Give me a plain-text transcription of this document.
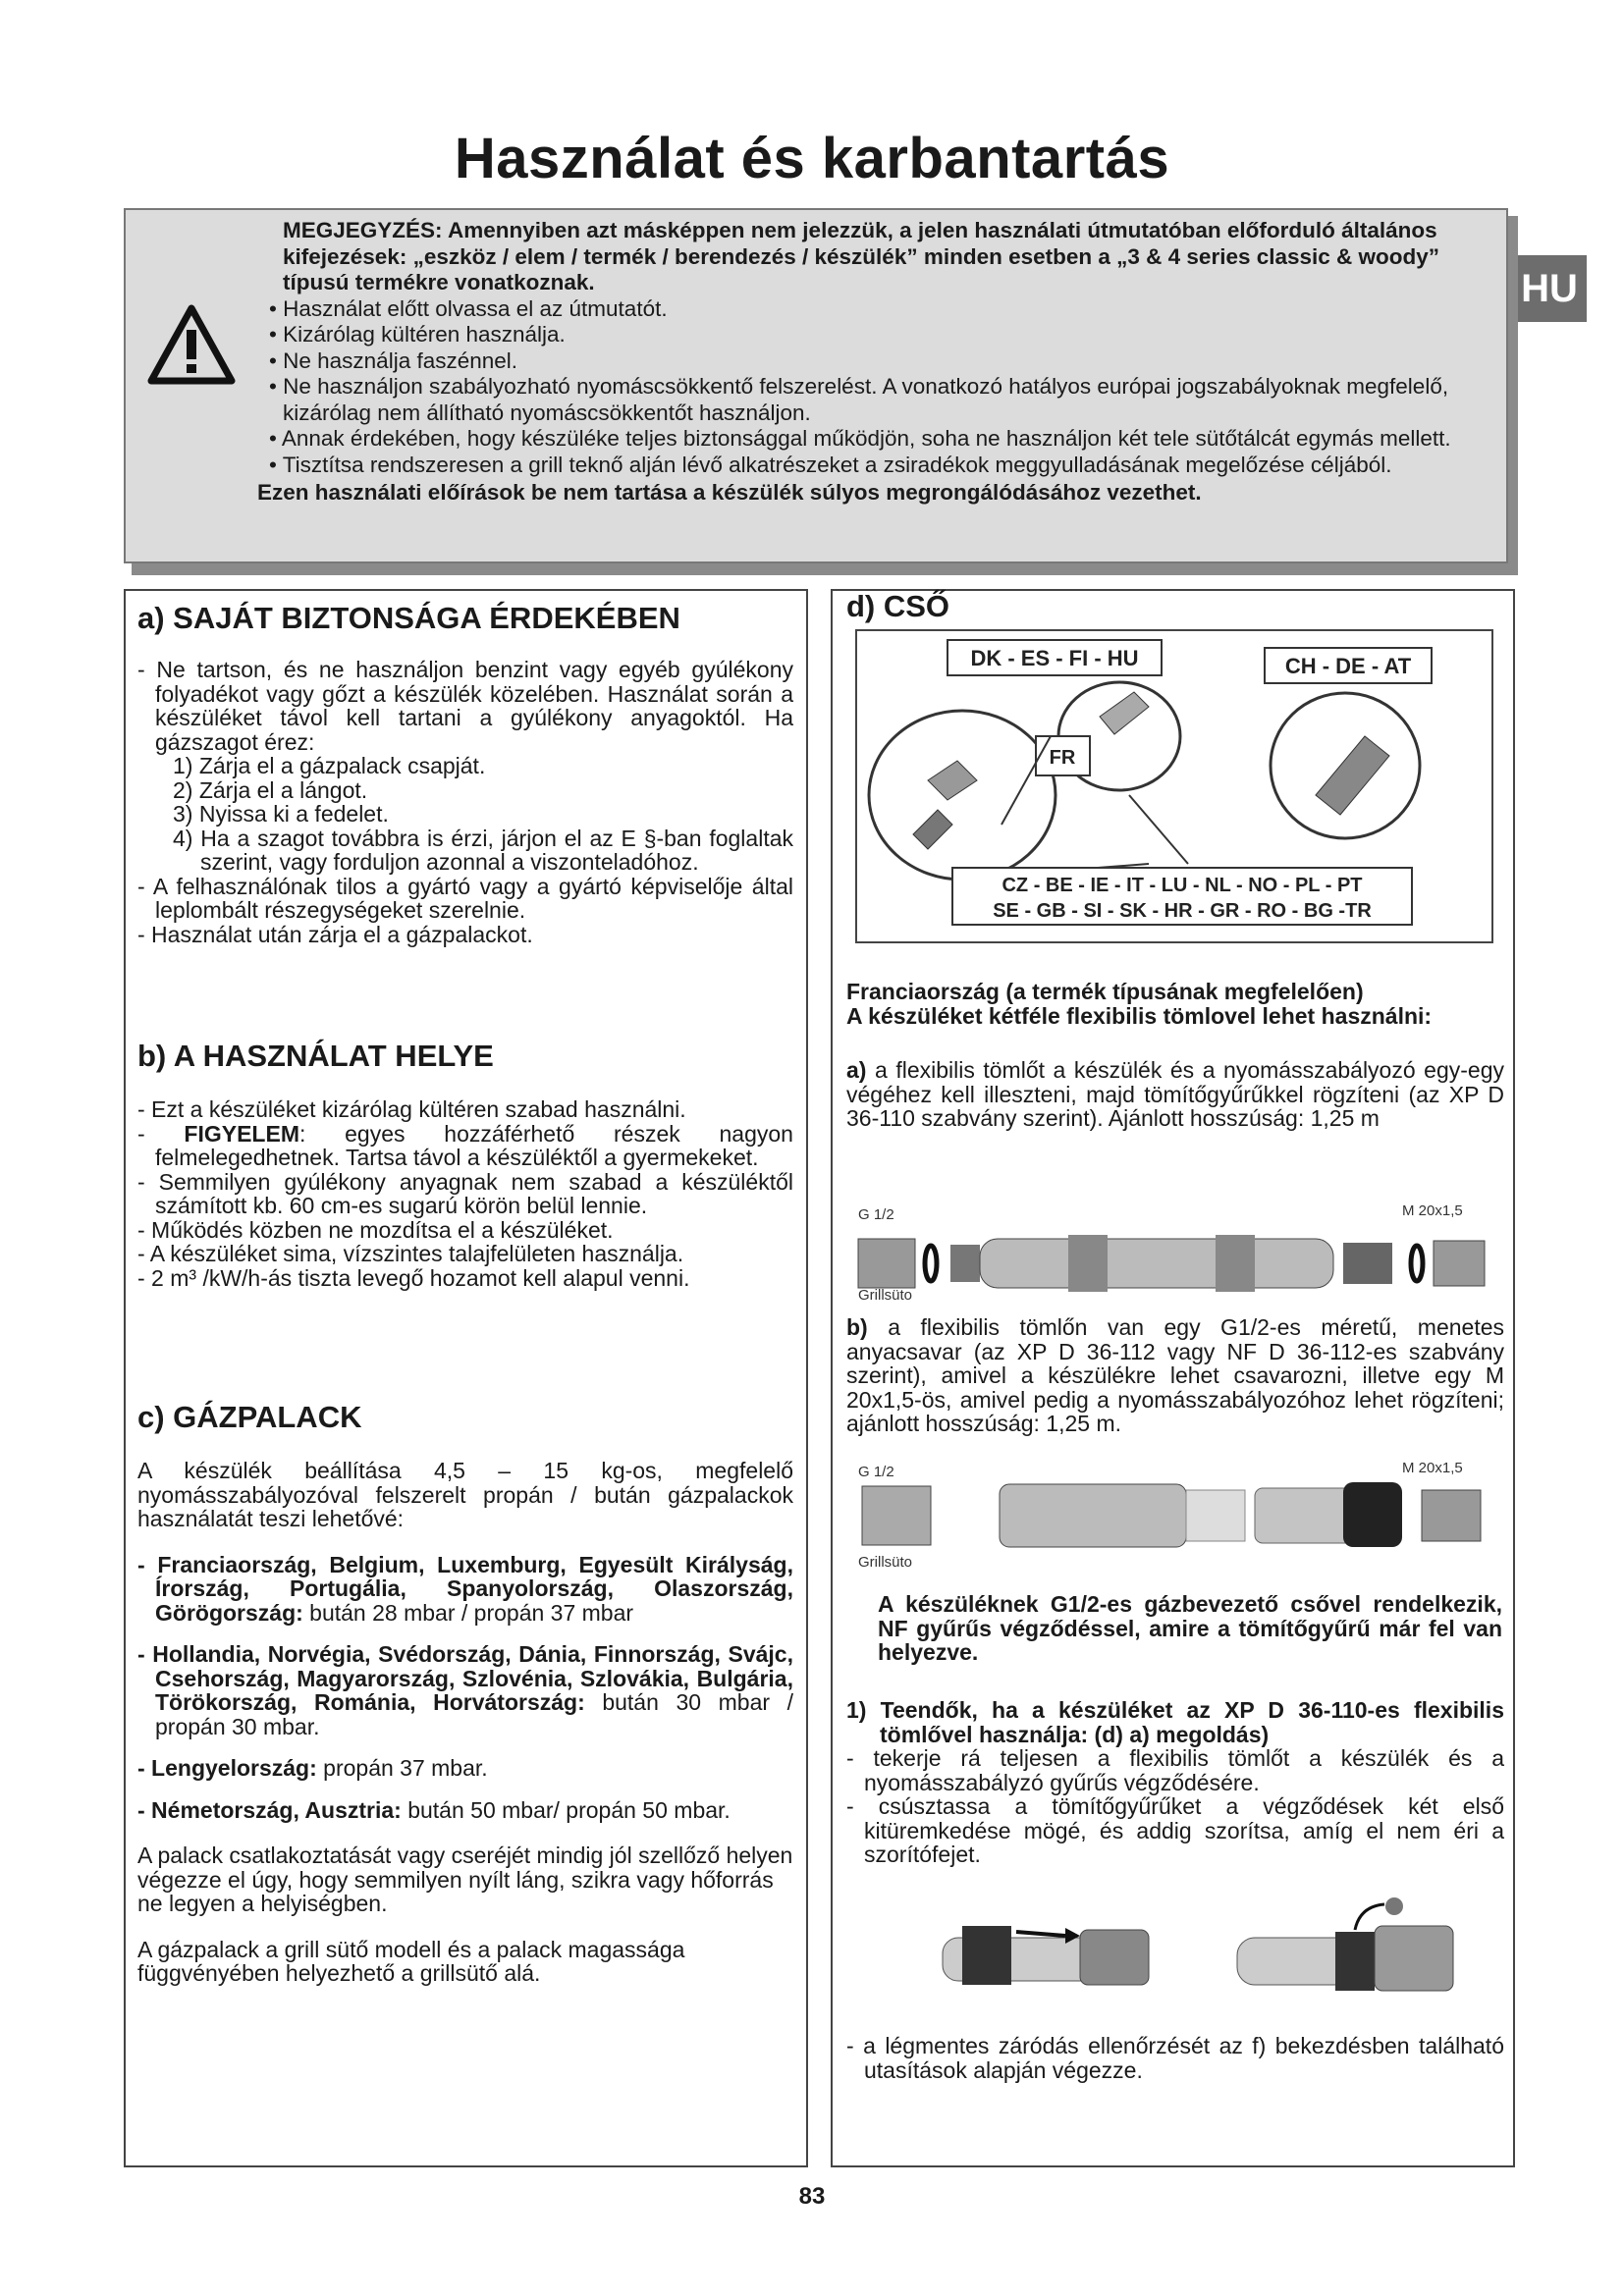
Használat és karbantartás
HU
MEGJEGYZÉS: Amennyiben azt másképpen nem jelezzük, a jelen használati útmutatóban előforduló általános kifejezések: „eszköz / elem / termék / berendezés / készülék” minden esetben a „3 & 4 series classic & woody” típusú termékre vonatkoznak.
• Használat előtt olvassa el az útmutatót.
• Kizárólag kültéren használja.
• Ne használja faszénnel.
• Ne használjon szabályozható nyomáscsökkentő felszerelést. A vonatkozó hatályos európai jogszabályoknak megfelelő, kizárólag nem állítható nyomáscsökkentőt használjon.
• Annak érdekében, hogy készüléke teljes biztonsággal működjön, soha ne használjon két tele sütőtálcát egymás mellett.
• Tisztítsa rendszeresen a grill teknő alján lévő alkatrészeket a zsiradékok meggyulladásának megelőzése céljából.
Ezen használati előírások be nem tartása a készülék súlyos megrongálódásához vezethet.
a) SAJÁT BIZTONSÁGA ÉRDEKÉBEN
- Ne tartson, és ne használjon benzint vagy egyéb gyúlékony folyadékot vagy gőzt a készülék közelében. Használat során a készüléket távol kell tartani a gyúlékony anyagoktól. Ha gázszagot érez:
1) Zárja el a gázpalack csapját.
2) Zárja el a lángot.
3) Nyissa ki a fedelet.
4) Ha a szagot továbbra is érzi, járjon el az E §-ban foglaltak szerint, vagy forduljon azonnal a viszonteladóhoz.
- A felhasználónak tilos a gyártó vagy a gyártó képviselője által leplombált részegységeket szerelnie.
- Használat után zárja el a gázpalackot.
b) A HASZNÁLAT HELYE
- Ezt a készüléket kizárólag kültéren szabad használni.
- FIGYELEM: egyes hozzáférhető részek nagyon felmelegedhetnek. Tartsa távol a készüléktől a gyermekeket.
- Semmilyen gyúlékony anyagnak nem szabad a készüléktől számított kb. 60 cm-es sugarú körön belül lennie.
- Működés közben ne mozdítsa el a készüléket.
- A készüléket sima, vízszintes talajfelületen használja.
- 2 m³ /kW/h-ás tiszta levegő hozamot kell alapul venni.
c) GÁZPALACK
A készülék beállítása 4,5 – 15 kg-os, megfelelő nyomásszabályozóval felszerelt propán / bután gázpalackok használatát teszi lehetővé:
- Franciaország, Belgium, Luxemburg, Egyesült Királyság, Írország, Portugália, Spanyolország, Olaszország, Görögország: bután 28 mbar / propán 37 mbar
- Hollandia, Norvégia, Svédország, Dánia, Finnország, Svájc, Csehország, Magyarország, Szlovénia, Szlovákia, Bulgária, Törökország, Románia, Horvátország: bután 30 mbar / propán 30 mbar.
- Lengyelország: propán 37 mbar.
- Németország, Ausztria: bután 50 mbar/ propán 50 mbar.
A palack csatlakoztatását vagy cseréjét mindig jól szellőző helyen végezze el úgy, hogy semmilyen nyílt láng, szikra vagy hőforrás ne legyen a helyiségben.
A gázpalack a grill sütő modell és a palack magassága függvényében helyezhető a grillsütő alá.
d) CSŐ
DK - ES - FI - HU	CH - DE - AT
FR
CZ - BE - IE - IT - LU - NL - NO - PL - PT
SE - GB - SI - SK - HR - GR - RO - BG -TR
Franciaország (a termék típusának megfelelően)
A készüléket kétféle flexibilis tömlovel lehet használni:
a) a flexibilis tömlőt a készülék és a nyomásszabályozó egy-egy végéhez kell illeszteni, majd tömítőgyűrűkkel rögzíteni (az XP D 36-110 szabvány szerint). Ajánlott hosszúság: 1,25 m
G 1/2	M 20x1,5
Grillsüto
b) a flexibilis tömlőn van egy G1/2-es méretű, menetes anyacsavar (az XP D 36-112 vagy NF D 36-112-es szabvány szerint), amivel a készülékre lehet csavarozni, illetve egy M 20x1,5-ös, amivel pedig a nyomásszabályozóhoz lehet rögzíteni; ajánlott hosszúság: 1,25 m.
G 1/2	M 20x1,5
Grillsüto
A készüléknek G1/2-es gázbevezető csővel rendelkezik, NF gyűrűs végződéssel, amire a tömítőgyűrű már fel van helyezve.
1) Teendők, ha a készüléket az XP D 36-110-es flexibilis tömlővel használja: (d) a) megoldás)
- tekerje rá teljesen a flexibilis tömlőt a készülék és a nyomásszabályzó gyűrűs végződésére.
- csúsztassa a tömítőgyűrűket a végződések két első kitüremkedése mögé, és addig szorítsa, amíg el nem éri a szorítófejet.
- a légmentes záródás ellenőrzését az f) bekezdésben található utasítások alapján végezze.
83
